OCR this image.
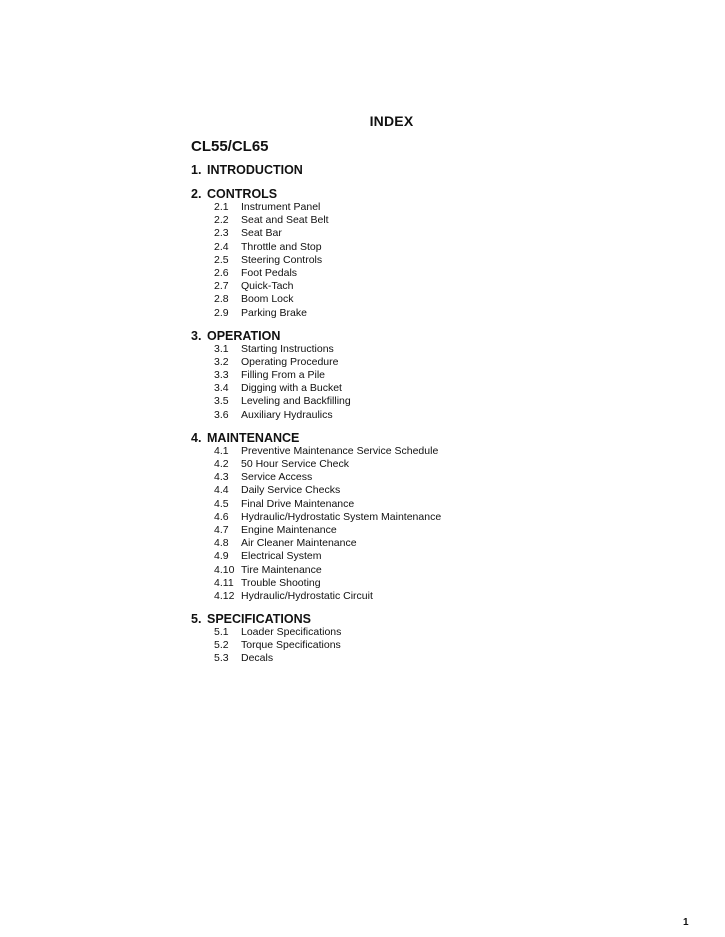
INDEX
CL55/CL65
1. INTRODUCTION
2. CONTROLS
2.1 Instrument Panel
2.2 Seat and Seat Belt
2.3 Seat Bar
2.4 Throttle and Stop
2.5 Steering Controls
2.6 Foot Pedals
2.7 Quick-Tach
2.8 Boom Lock
2.9 Parking Brake
3. OPERATION
3.1 Starting Instructions
3.2 Operating Procedure
3.3 Filling From a Pile
3.4 Digging with a Bucket
3.5 Leveling and Backfilling
3.6 Auxiliary Hydraulics
4. MAINTENANCE
4.1 Preventive Maintenance Service Schedule
4.2 50 Hour Service Check
4.3 Service Access
4.4 Daily Service Checks
4.5 Final Drive Maintenance
4.6 Hydraulic/Hydrostatic System Maintenance
4.7 Engine Maintenance
4.8 Air Cleaner Maintenance
4.9 Electrical System
4.10 Tire Maintenance
4.11 Trouble Shooting
4.12 Hydraulic/Hydrostatic Circuit
5. SPECIFICATIONS
5.1 Loader Specifications
5.2 Torque Specifications
5.3 Decals
1
